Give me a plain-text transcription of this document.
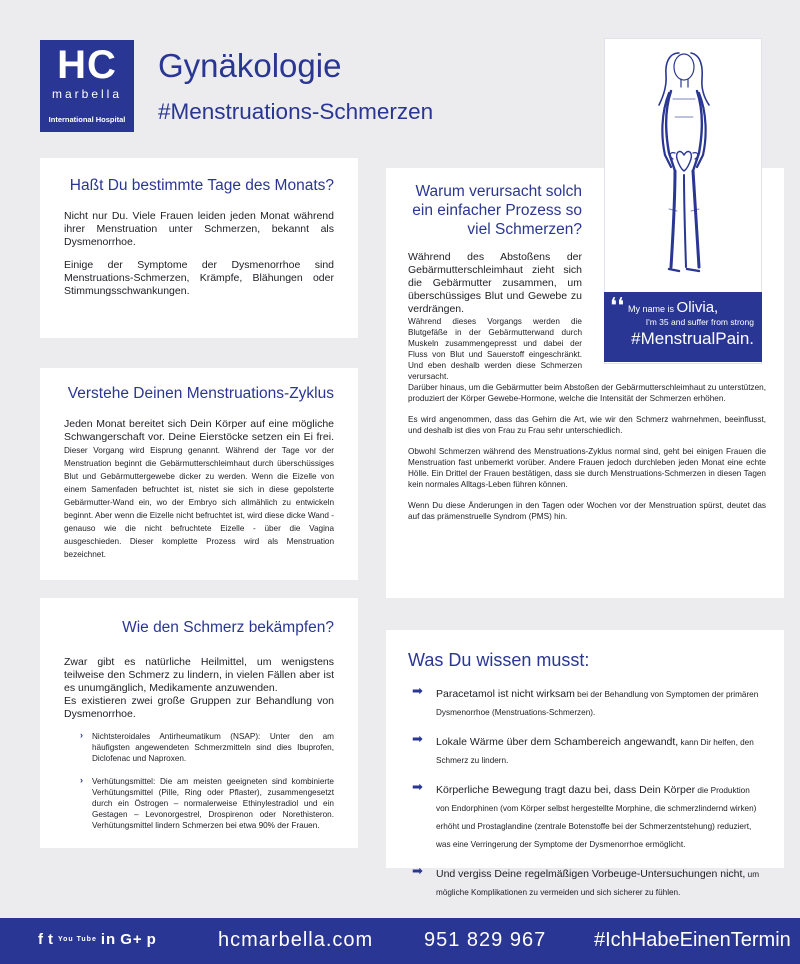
HC
marbella
International Hospital
Gynäkologie
#Menstruations-Schmerzen
Haßt Du bestimmte Tage des Monats?

Nicht nur Du. Viele Frauen leiden jeden Monat während ihrer Menstruation unter Schmerzen, bekannt als Dysmenorrhoe.

Einige der Symptome der Dysmenorrhoe sind Menstruations-Schmerzen, Krämpfe, Blähungen oder Stimmungsschwankungen.

Verstehe Deinen Menstruations-Zyklus

Jeden Monat bereitet sich Dein Körper auf eine mögliche Schwangerschaft vor. Deine Eierstöcke setzen ein Ei frei. Dieser Vorgang wird Eisprung genannt. Während der Tage vor der Menstruation beginnt die Gebärmutterschleimhaut durch überschüssiges Blut und Gebärmuttergewebe dicker zu werden. Wenn die Eizelle von einem Samenfaden befruchtet ist, nistet sie sich in diese gepolsterte Gebärmutter-Wand ein, wo der Embryo sich allmählich zu entwickeln beginnt. Aber wenn die Eizelle nicht befruchtet ist, wird diese dicke Wand - genauso wie die nicht befruchtete Eizelle - über die Vagina ausgeschieden. Dieser komplette Prozess wird als Menstruation bezeichnet.

Warum verursacht solch ein einfacher Prozess so viel Schmerzen?

Während des Abstoßens der Gebärmutterschleimhaut zieht sich die Gebärmutter zusammen, um überschüssiges Blut und Gewebe zu verdrängen.

Während dieses Vorgangs werden die Blutgefäße in der Gebärmutterwand durch Muskeln zusammengepresst und dabei der Fluss von Blut und Sauerstoff eingeschränkt. Und eben deshalb werden diese Schmerzen verursacht.

Darüber hinaus, um die Gebärmutter beim Abstoßen der Gebärmutterschleimhaut zu unterstützen, produziert der Körper Gewebe-Hormone, welche die Intensität der Schmerzen erhöhen.

Es wird angenommen, dass das Gehirn die Art, wie wir den Schmerz wahrnehmen, beeinflusst, und deshalb ist dies von Frau zu Frau sehr unterschiedlich.

Obwohl Schmerzen während des Menstruations-Zyklus normal sind, geht bei einigen Frauen die Menstruation fast unbemerkt vorüber. Andere Frauen jedoch durchleben jeden Monat eine echte Hölle. Ein Drittel der Frauen bestätigen, dass sie durch Menstruations-Schmerzen in diesen Tagen kein normales Alltags-Leben führen können.

Wenn Du diese Änderungen in den Tagen oder Wochen vor der Menstruation spürst, deutet das auf das prämenstruelle Syndrom (PMS) hin.

❛❛ My name is Olivia,
I'm 35 and suffer from strong
#MenstrualPain.
Wie den Schmerz bekämpfen?

Zwar gibt es natürliche Heilmittel, um wenigstens teilweise den Schmerz zu lindern, in vielen Fällen aber ist es unumgänglich, Medikamente anzuwenden.

Es existieren zwei große Gruppen zur Behandlung von Dysmenorrhoe.

› Nichtsteroidales Antirheumatikum (NSAP): Unter den am häufigsten angewendeten Schmerzmitteln sind dies Ibuprofen, Diclofenac und Naproxen.
› Verhütungsmittel: Die am meisten geeigneten sind kombinierte Verhütungsmittel (Pille, Ring oder Pflaster), zusammengesetzt durch ein Östrogen – normalerweise Ethinylestradiol und ein Gestagen – Levonorgestrel, Drospirenon oder Norethisteron. Verhütungsmittel lindern Schmerzen bei etwa 90% der Frauen.
Was Du wissen musst:
➡ Paracetamol ist nicht wirksam bei der Behandlung von Symptomen der primären Dysmenorrhoe (Menstruations-Schmerzen).
➡ Lokale Wärme über dem Schambereich angewandt, kann Dir helfen, den Schmerz zu lindern.
➡ Körperliche Bewegung tragt dazu bei, dass Dein Körper die Produktion von Endorphinen (vom Körper selbst hergestellte Morphine, die schmerzlindernd wirken) erhöht und Prostaglandine (zentrale Botenstoffe bei der Schmerzentstehung) reduziert, was eine Verringerung der Symptome der Dysmenorrhoe ermöglicht.
➡ Und vergiss Deine regelmäßigen Vorbeuge-Untersuchungen nicht, um mögliche Komplikationen zu vermeiden und sich sicherer zu fühlen.
f t You Tube in G+ p	hcmarbella.com	951 829 967 #IchHabeEinenTermin
